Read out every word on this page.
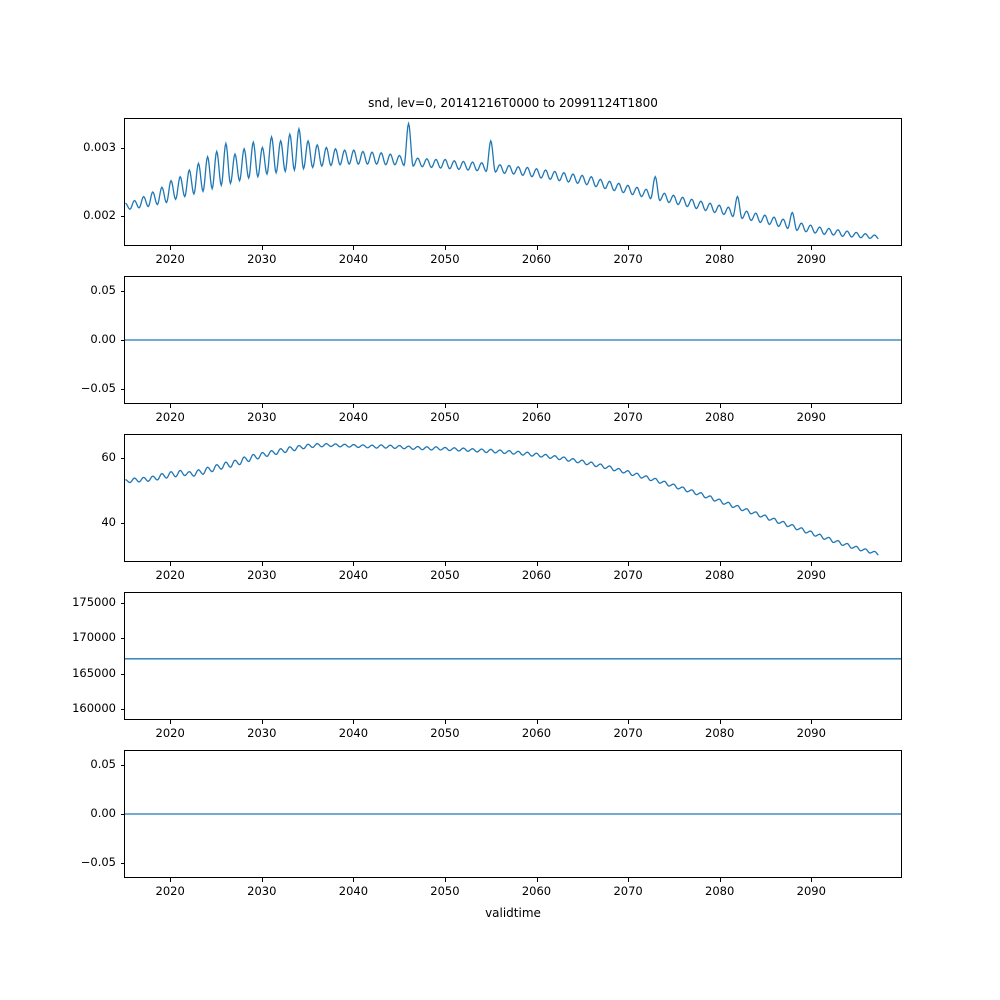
snd, lev=0, 20141216T0000 to 20991124T1800
0.002
0.003
2020	2030	2040	2050	2060	2070	2080	2090
−0.05
0.00
0.05
2020	2030	2040	2050	2060	2070	2080	2090
40
60
2020	2030	2040	2050	2060	2070	2080	2090
160000
165000
170000
175000
2020	2030	2040	2050	2060	2070	2080	2090
−0.05
0.00
0.05
2020	2030	2040	2050	2060	2070	2080	2090
validtime
